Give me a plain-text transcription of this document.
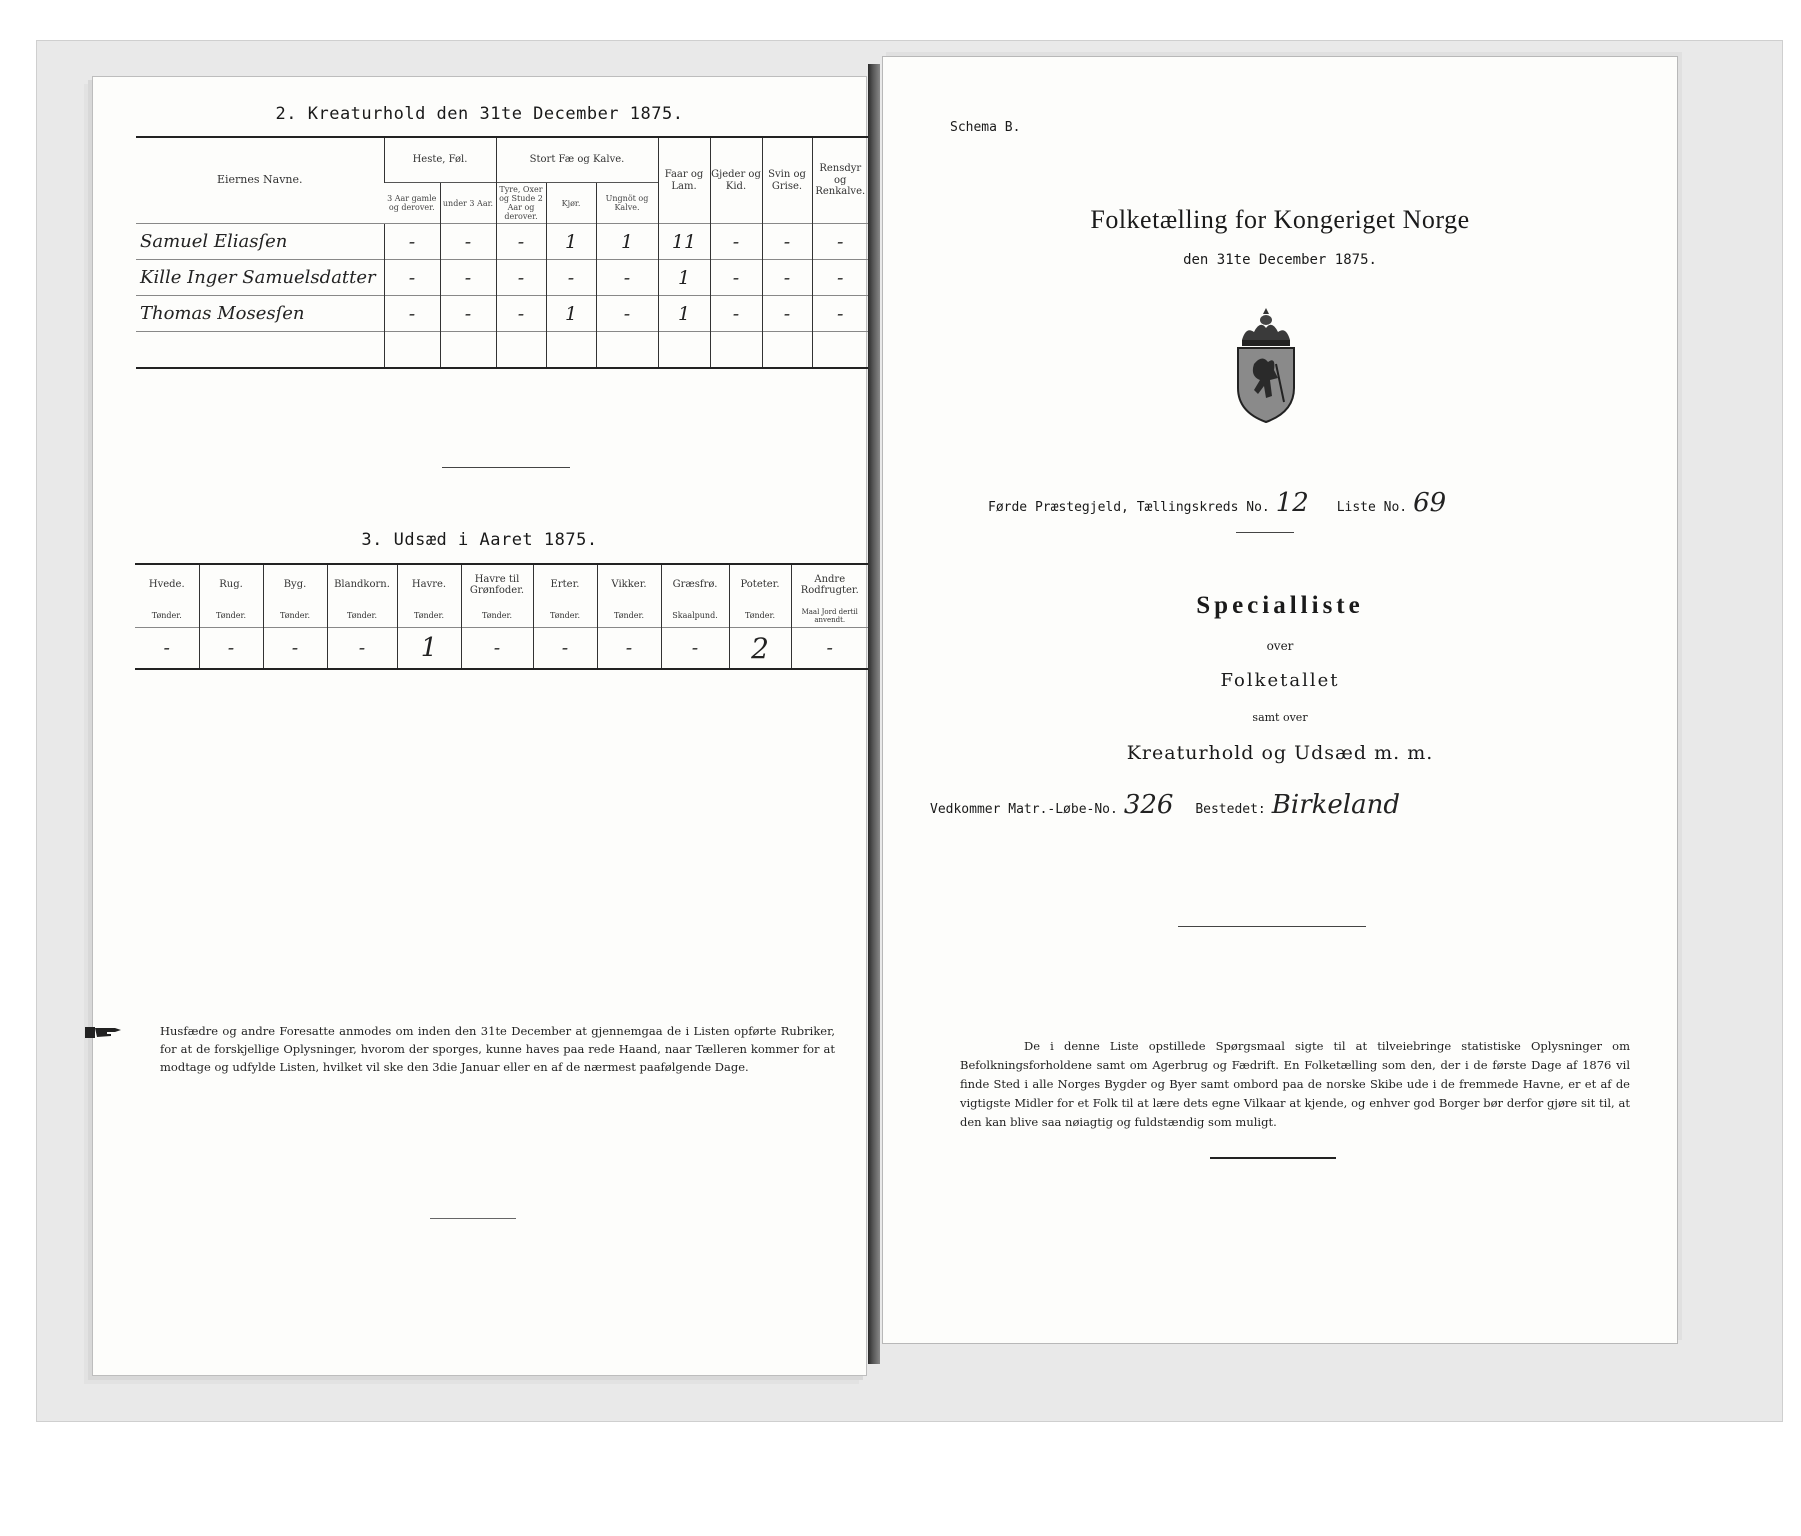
2. Kreaturhold den 31te December 1875.
Eiernes Navne.	Heste, Føl.		Stort Fæ og Kalve.			Faar og Lam.	Gjeder og Kid.	Svin og Grise.	Rensdyr og Renkalve.
	3 Aar gamle og derover.	under 3 Aar.	Tyre, Oxer og Stude 2 Aar og derover.	Kjør.	Ungnöt og Kalve.				
Samuel Eliasſen	-	-	-	1	1	11	-	-	-
Kille Inger Samuelsdatter	-	-	-	-	-	1	-	-	-
Thomas Mosesſen	-	-	-	1	-	1	-	-	-

3. Udsæd i Aaret 1875.
Hvede.	Rug.	Byg.	Blandkorn.	Havre.	Havre til Grønfoder.	Erter.	Vikker.	Græsfrø.	Poteter.	Andre Rodfrugter.
Tønder.	Tønder.	Tønder.	Tønder.	Tønder.	Tønder.	Tønder.	Tønder.	Skaalpund.	Tønder.	Maal Jord dertil anvendt.
-	-	-	-	1	-	-	-	-	2	-
Husfædre og andre Foresatte anmodes om inden den 31te December at gjennemgaa de i Listen opførte Rubriker, for at de forskjellige Oplysninger, hvorom der sporges, kunne haves paa rede Haand, naar Tælleren kommer for at modtage og udfylde Listen, hvilket vil ske den 3die Januar eller en af de nærmest paafølgende Dage.
Schema B.
Folketælling for Kongeriget Norge
den 31te December 1875.
Førde Præstegjeld, Tællingskreds No. 12 Liste No. 69
Specialliste
over
Folketallet
samt over
Kreaturhold og Udsæd m. m.
Vedkommer Matr.-Løbe-No. 326 Bestedet: Birkeland
De i denne Liste opstillede Spørgsmaal sigte til at tilveiebringe statistiske Oplysninger om Befolkningsforholdene samt om Agerbrug og Fædrift. En Folketælling som den, der i de første Dage af 1876 vil finde Sted i alle Norges Bygder og Byer samt ombord paa de norske Skibe ude i de fremmede Havne, er et af de vigtigste Midler for et Folk til at lære dets egne Vilkaar at kjende, og enhver god Borger bør derfor gjøre sit til, at den kan blive saa nøiagtig og fuldstændig som muligt.
